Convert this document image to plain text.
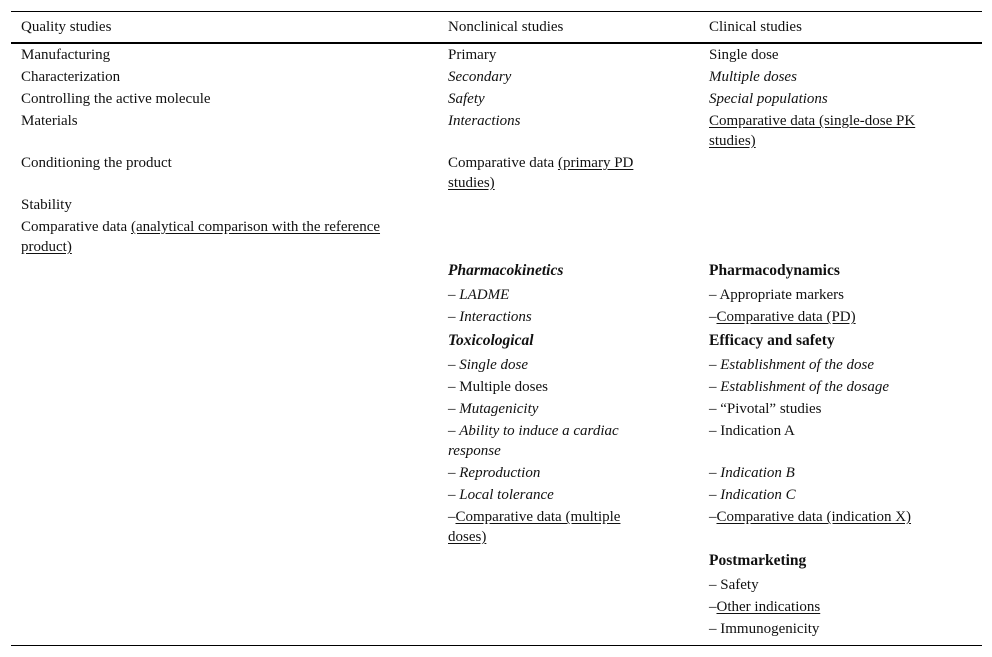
Quality studies	Nonclinical studies	Clinical studies
Manufacturing
Characterization
Controlling the active molecule
Materials
Conditioning the product
Stability
Comparative data (analytical comparison with the reference
product)
Primary
Secondary
Safety
Interactions
Comparative data (primary PD
studies)
Pharmacokinetics
– LADME
– Interactions
Toxicological
– Single dose
– Multiple doses
– Mutagenicity
– Ability to induce a cardiac
response
– Reproduction
– Local tolerance
–Comparative data (multiple
doses)
Single dose
Multiple doses
Special populations
Comparative data (single-dose PK
studies)
Pharmacodynamics
– Appropriate markers
–Comparative data (PD)
Efficacy and safety
– Establishment of the dose
– Establishment of the dosage
– “Pivotal” studies
– Indication A
– Indication B
– Indication C
–Comparative data (indication X)
Postmarketing
– Safety
–Other indications
– Immunogenicity
